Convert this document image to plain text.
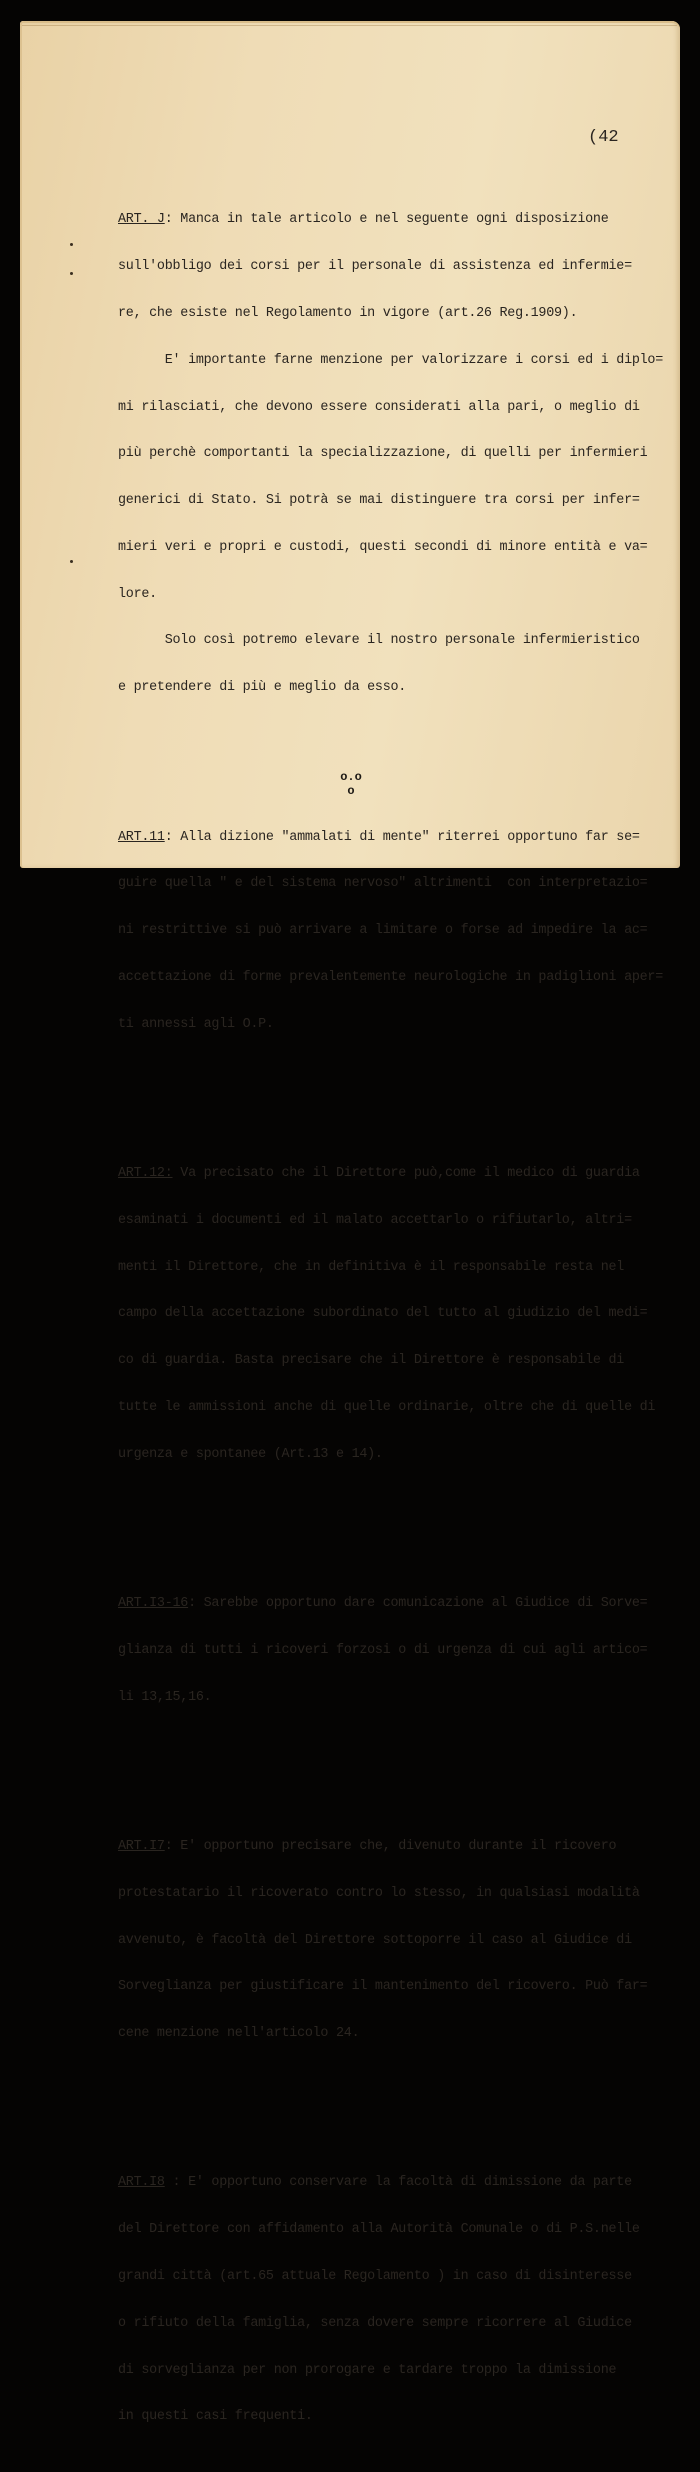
(42

ART. J: Manca in tale articolo e nel seguente ogni disposizione

sull'obbligo dei corsi per il personale di assistenza ed infermie=

re, che esiste nel Regolamento in vigore (art.26 Reg.1909).

E' importante farne menzione per valorizzare i corsi ed i diplo=

mi rilasciati, che devono essere considerati alla pari, o meglio di

più perchè comportanti la specializzazione, di quelli per infermieri

generici di Stato. Si potrà se mai distinguere tra corsi per infer=

mieri veri e propri e custodi, questi secondi di minore entità e va=

lore.

Solo così potremo elevare il nostro personale infermieristico

e pretendere di più e meglio da esso.

ART.11: Alla dizione "ammalati di mente" riterrei opportuno far se=

guire quella " e del sistema nervoso" altrimenti  con interpretazio=

ni restrittive si può arrivare a limitare o forse ad impedire la ac=

accettazione di forme prevalentemente neurologiche in padiglioni aper=

ti annessi agli O.P.

ART.12: Va precisato che il Direttore può,come il medico di guardia

esaminati i documenti ed il malato accettarlo o rifiutarlo, altri=

menti il Direttore, che in definitiva è il responsabile resta nel

campo della accettazione subordinato del tutto al giudizio del medi=

co di guardia. Basta precisare che il Direttore è responsabile di

tutte le ammissioni anche di quelle ordinarie, oltre che di quelle di

urgenza e spontanee (Art.13 e 14).

ART.I3-16: Sarebbe opportuno dare comunicazione al Giudice di Sorve=

glianza di tutti i ricoveri forzosi o di urgenza di cui agli artico=

li 13,15,16.

ART.I7: E' opportuno precisare che, divenuto durante il ricovero

protestatario il ricoverato contro lo stesso, in qualsiasi modalità

avvenuto, è facoltà del Direttore sottoporre il caso al Giudice di

Sorveglianza per giustificare il mantenimento del ricovero. Può far=

cene menzione nell'articolo 24.

ART.I8 : E' opportuno conservare la facoltà di dimissione da parte

del Direttore con affidamento alla Autorità Comunale o di P.S.nelle

grandi città (art.65 attuale Regolamento ) in caso di disinteresse

o rifiuto della famiglia, senza dovere sempre ricorrere al Giudice

di sorveglianza per non prorogare e tardare troppo la dimissione

in questi casi frequenti.

o.o
o
